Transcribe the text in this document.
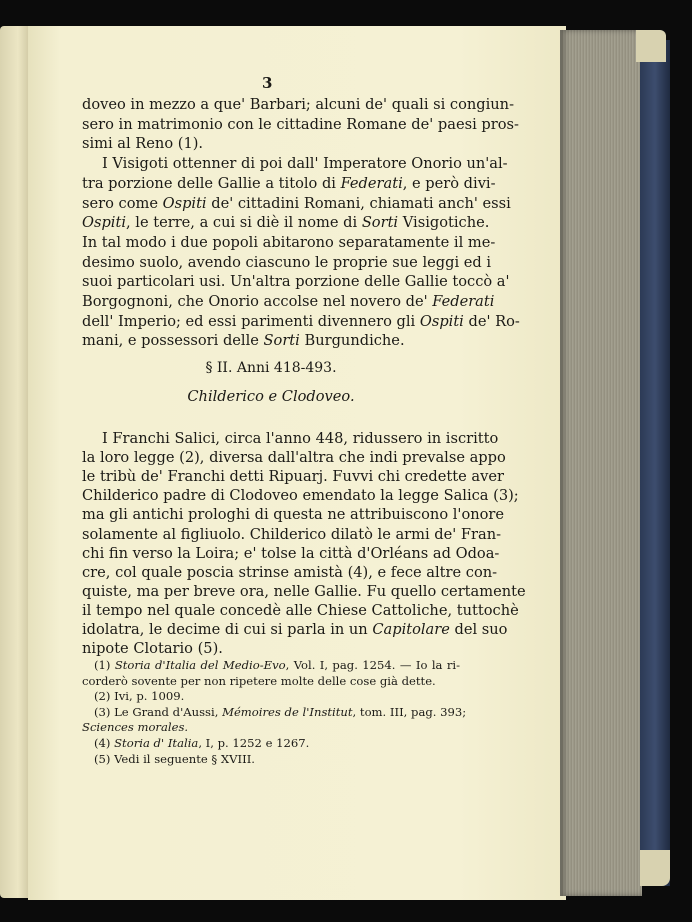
3
doveo in mezzo a que' Barbari; alcuni de' quali si congiun-
sero in matrimonio con le cittadine Romane de' paesi pros-
simi al Reno (1).
I Visigoti ottenner di poi dall' Imperatore Onorio un'al-
tra porzione delle Gallie a titolo di Federati, e però divi-
sero come Ospiti de' cittadini Romani, chiamati anch' essi
Ospiti, le terre, a cui si diè il nome di Sorti Visigotiche.
In tal modo i due popoli abitarono separatamente il me-
desimo suolo, avendo ciascuno le proprie sue leggi ed i
suoi particolari usi. Un'altra porzione delle Gallie toccò a'
Borgognoni, che Onorio accolse nel novero de' Federati
dell' Imperio; ed essi parimenti divennero gli Ospiti de' Ro-
mani, e possessori delle Sorti Burgundiche.
§ II. Anni 418-493.
Childerico e Clodoveo.
I Franchi Salici, circa l'anno 448, ridussero in iscritto
la loro legge (2), diversa dall'altra che indi prevalse appo
le tribù de' Franchi detti Ripuarj. Fuvvi chi credette aver
Childerico padre di Clodoveo emendato la legge Salica (3);
ma gli antichi prologhi di questa ne attribuiscono l'onore
solamente al figliuolo. Childerico dilatò le armi de' Fran-
chi fin verso la Loira; e' tolse la città d'Orléans ad Odoa-
cre, col quale poscia strinse amistà (4), e fece altre con-
quiste, ma per breve ora, nelle Gallie. Fu quello certamente
il tempo nel quale concedè alle Chiese Cattoliche, tuttochè
idolatra, le decime di cui si parla in un Capitolare del suo
nipote Clotario (5).
(1) Storia d'Italia del Medio-Evo, Vol. I, pag. 1254. — Io la ri-
corderò sovente per non ripetere molte delle cose già dette.
(2) Ivi, p. 1009.
(3) Le Grand d'Aussi, Mémoires de l'Institut, tom. III, pag. 393;
Sciences morales.
(4) Storia d' Italia, I, p. 1252 e 1267.
(5) Vedi il seguente § XVIII.
